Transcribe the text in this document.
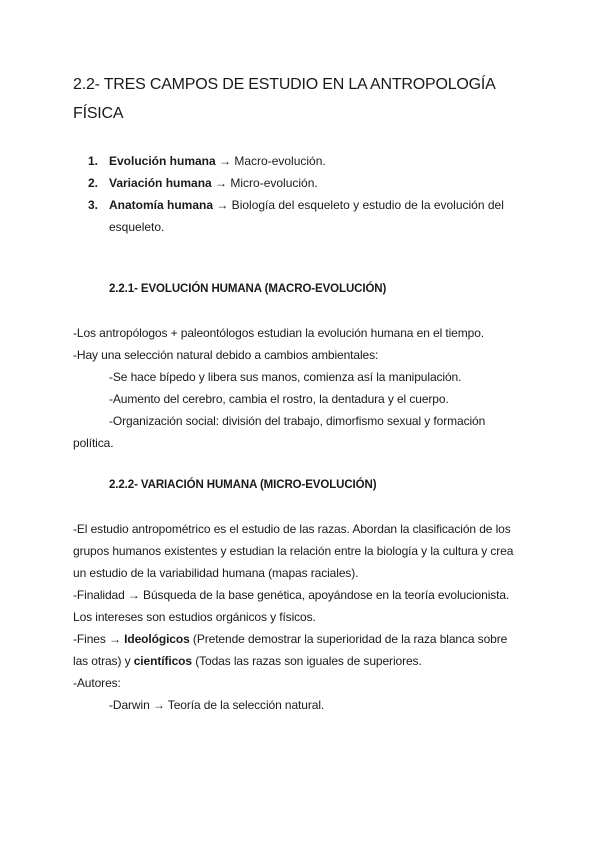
2.2- TRES CAMPOS DE ESTUDIO EN LA ANTROPOLOGÍA
FÍSICA
1. Evolución humana → Macro-evolución.
2. Variación humana → Micro-evolución.
3. Anatomía humana → Biología del esqueleto y estudio de la evolución del esqueleto.
2.2.1- EVOLUCIÓN HUMANA (MACRO-EVOLUCIÓN)
-Los antropólogos + paleontólogos estudian la evolución humana en el tiempo.
-Hay una selección natural debido a cambios ambientales:
-Se hace bípedo y libera sus manos, comienza así la manipulación.
-Aumento del cerebro, cambia el rostro, la dentadura y el cuerpo.
-Organización social: división del trabajo, dimorfismo sexual y formación
política.
2.2.2- VARIACIÓN HUMANA (MICRO-EVOLUCIÓN)
-El estudio antropométrico es el estudio de las razas. Abordan la clasificación de los
grupos humanos existentes y estudian la relación entre la biología y la cultura y crea
un estudio de la variabilidad humana (mapas raciales).
-Finalidad → Búsqueda de la base genética, apoyándose en la teoría evolucionista.
Los intereses son estudios orgánicos y físicos.
-Fines → Ideológicos (Pretende demostrar la superioridad de la raza blanca sobre
las otras) y científicos (Todas las razas son iguales de superiores.
-Autores:
-Darwin → Teoría de la selección natural.
